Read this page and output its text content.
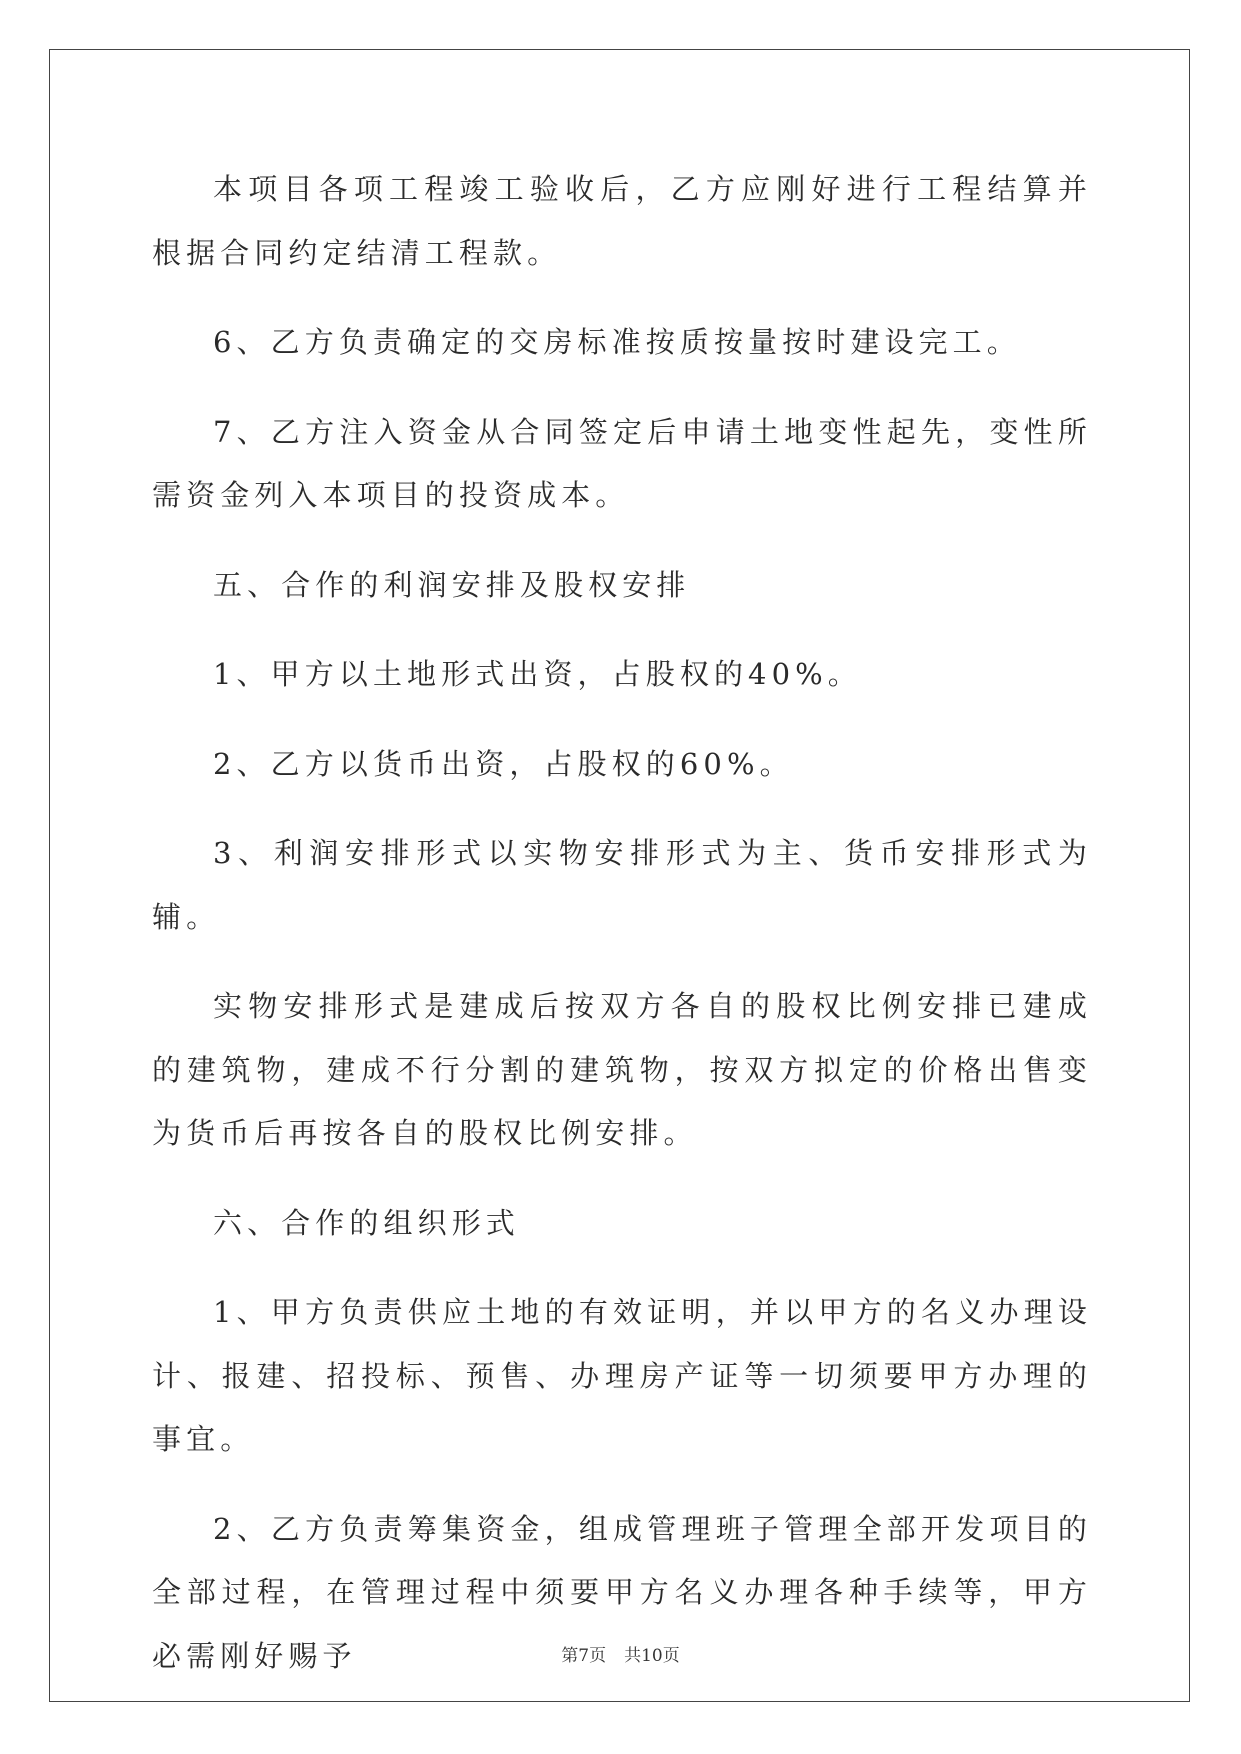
本项目各项工程竣工验收后，乙方应刚好进行工程结算并根据合同约定结清工程款。

6、乙方负责确定的交房标准按质按量按时建设完工。

7、乙方注入资金从合同签定后申请土地变性起先，变性所需资金列入本项目的投资成本。

五、合作的利润安排及股权安排

1、甲方以土地形式出资，占股权的40%。

2、乙方以货币出资，占股权的60%。

3、利润安排形式以实物安排形式为主、货币安排形式为辅。

实物安排形式是建成后按双方各自的股权比例安排已建成的建筑物，建成不行分割的建筑物，按双方拟定的价格出售变为货币后再按各自的股权比例安排。

六、合作的组织形式

1、甲方负责供应土地的有效证明，并以甲方的名义办理设计、报建、招投标、预售、办理房产证等一切须要甲方办理的事宜。

2、乙方负责筹集资金，组成管理班子管理全部开发项目的全部过程，在管理过程中须要甲方名义办理各种手续等，甲方必需刚好赐予	第7页 共10页
